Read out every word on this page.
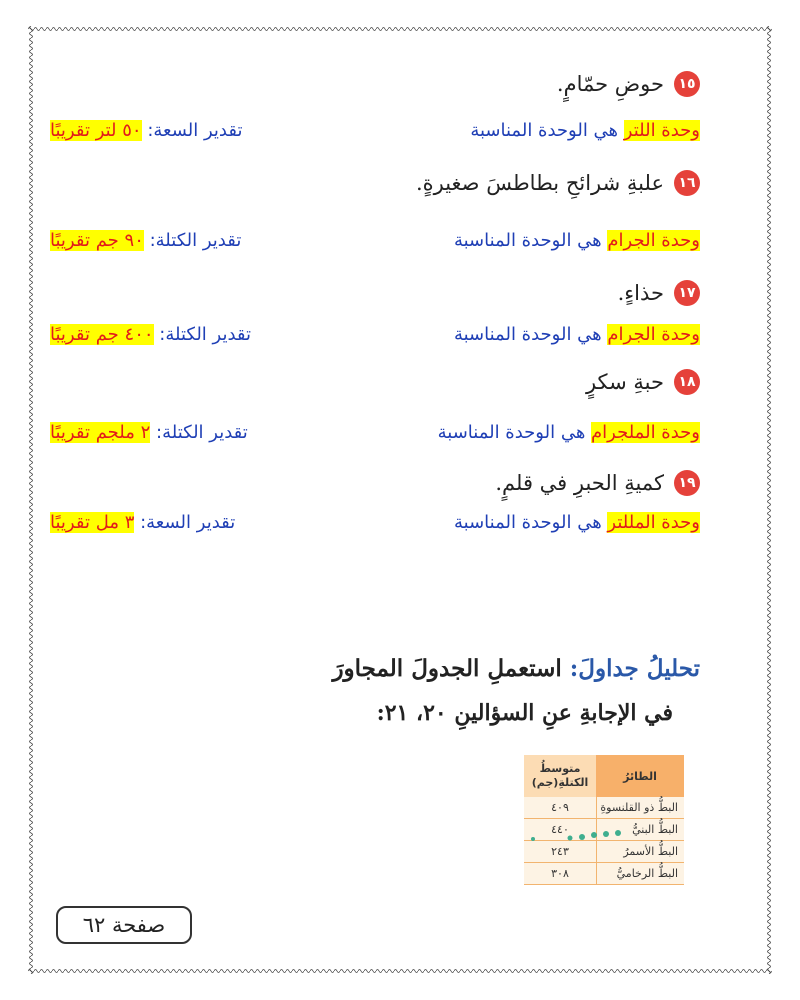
١٥
حوضِ حمّامٍ.
وحدة اللتر هي الوحدة المناسبة
تقدير السعة: ٥٠ لتر تقريبًا
١٦
علبةِ شرائحِ بطاطسَ صغيرةٍ.
وحدة الجرام هي الوحدة المناسبة
تقدير الكتلة: ٩٠ جم تقريبًا
١٧
حذاءٍ.
وحدة الجرام هي الوحدة المناسبة
تقدير الكتلة: ٤٠٠ جم تقريبًا
١٨
حبةِ سكرٍ
وحدة الملجرام هي الوحدة المناسبة
تقدير الكتلة: ٢ ملجم تقريبًا
١٩
كميةِ الحبرِ في قلمٍ.
وحدة المللتر هي الوحدة المناسبة
تقدير السعة: ٣ مل تقريبًا
تحليلُ جداولَ: استعملِ الجدولَ المجاورَ
في الإجابةِ عنِ السؤالينِ ٢٠، ٢١:
الطائرُ
متوسطُ
الكتلةِ(جم)
البطُّ ذو القلنسوةِ
٤٠٩
البطُّ البنيُّ
٤٤٠
البطُّ الأسمرُ
٢٤٣
البطُّ الرخاميُّ
٣٠٨
صفحة ٦٢
